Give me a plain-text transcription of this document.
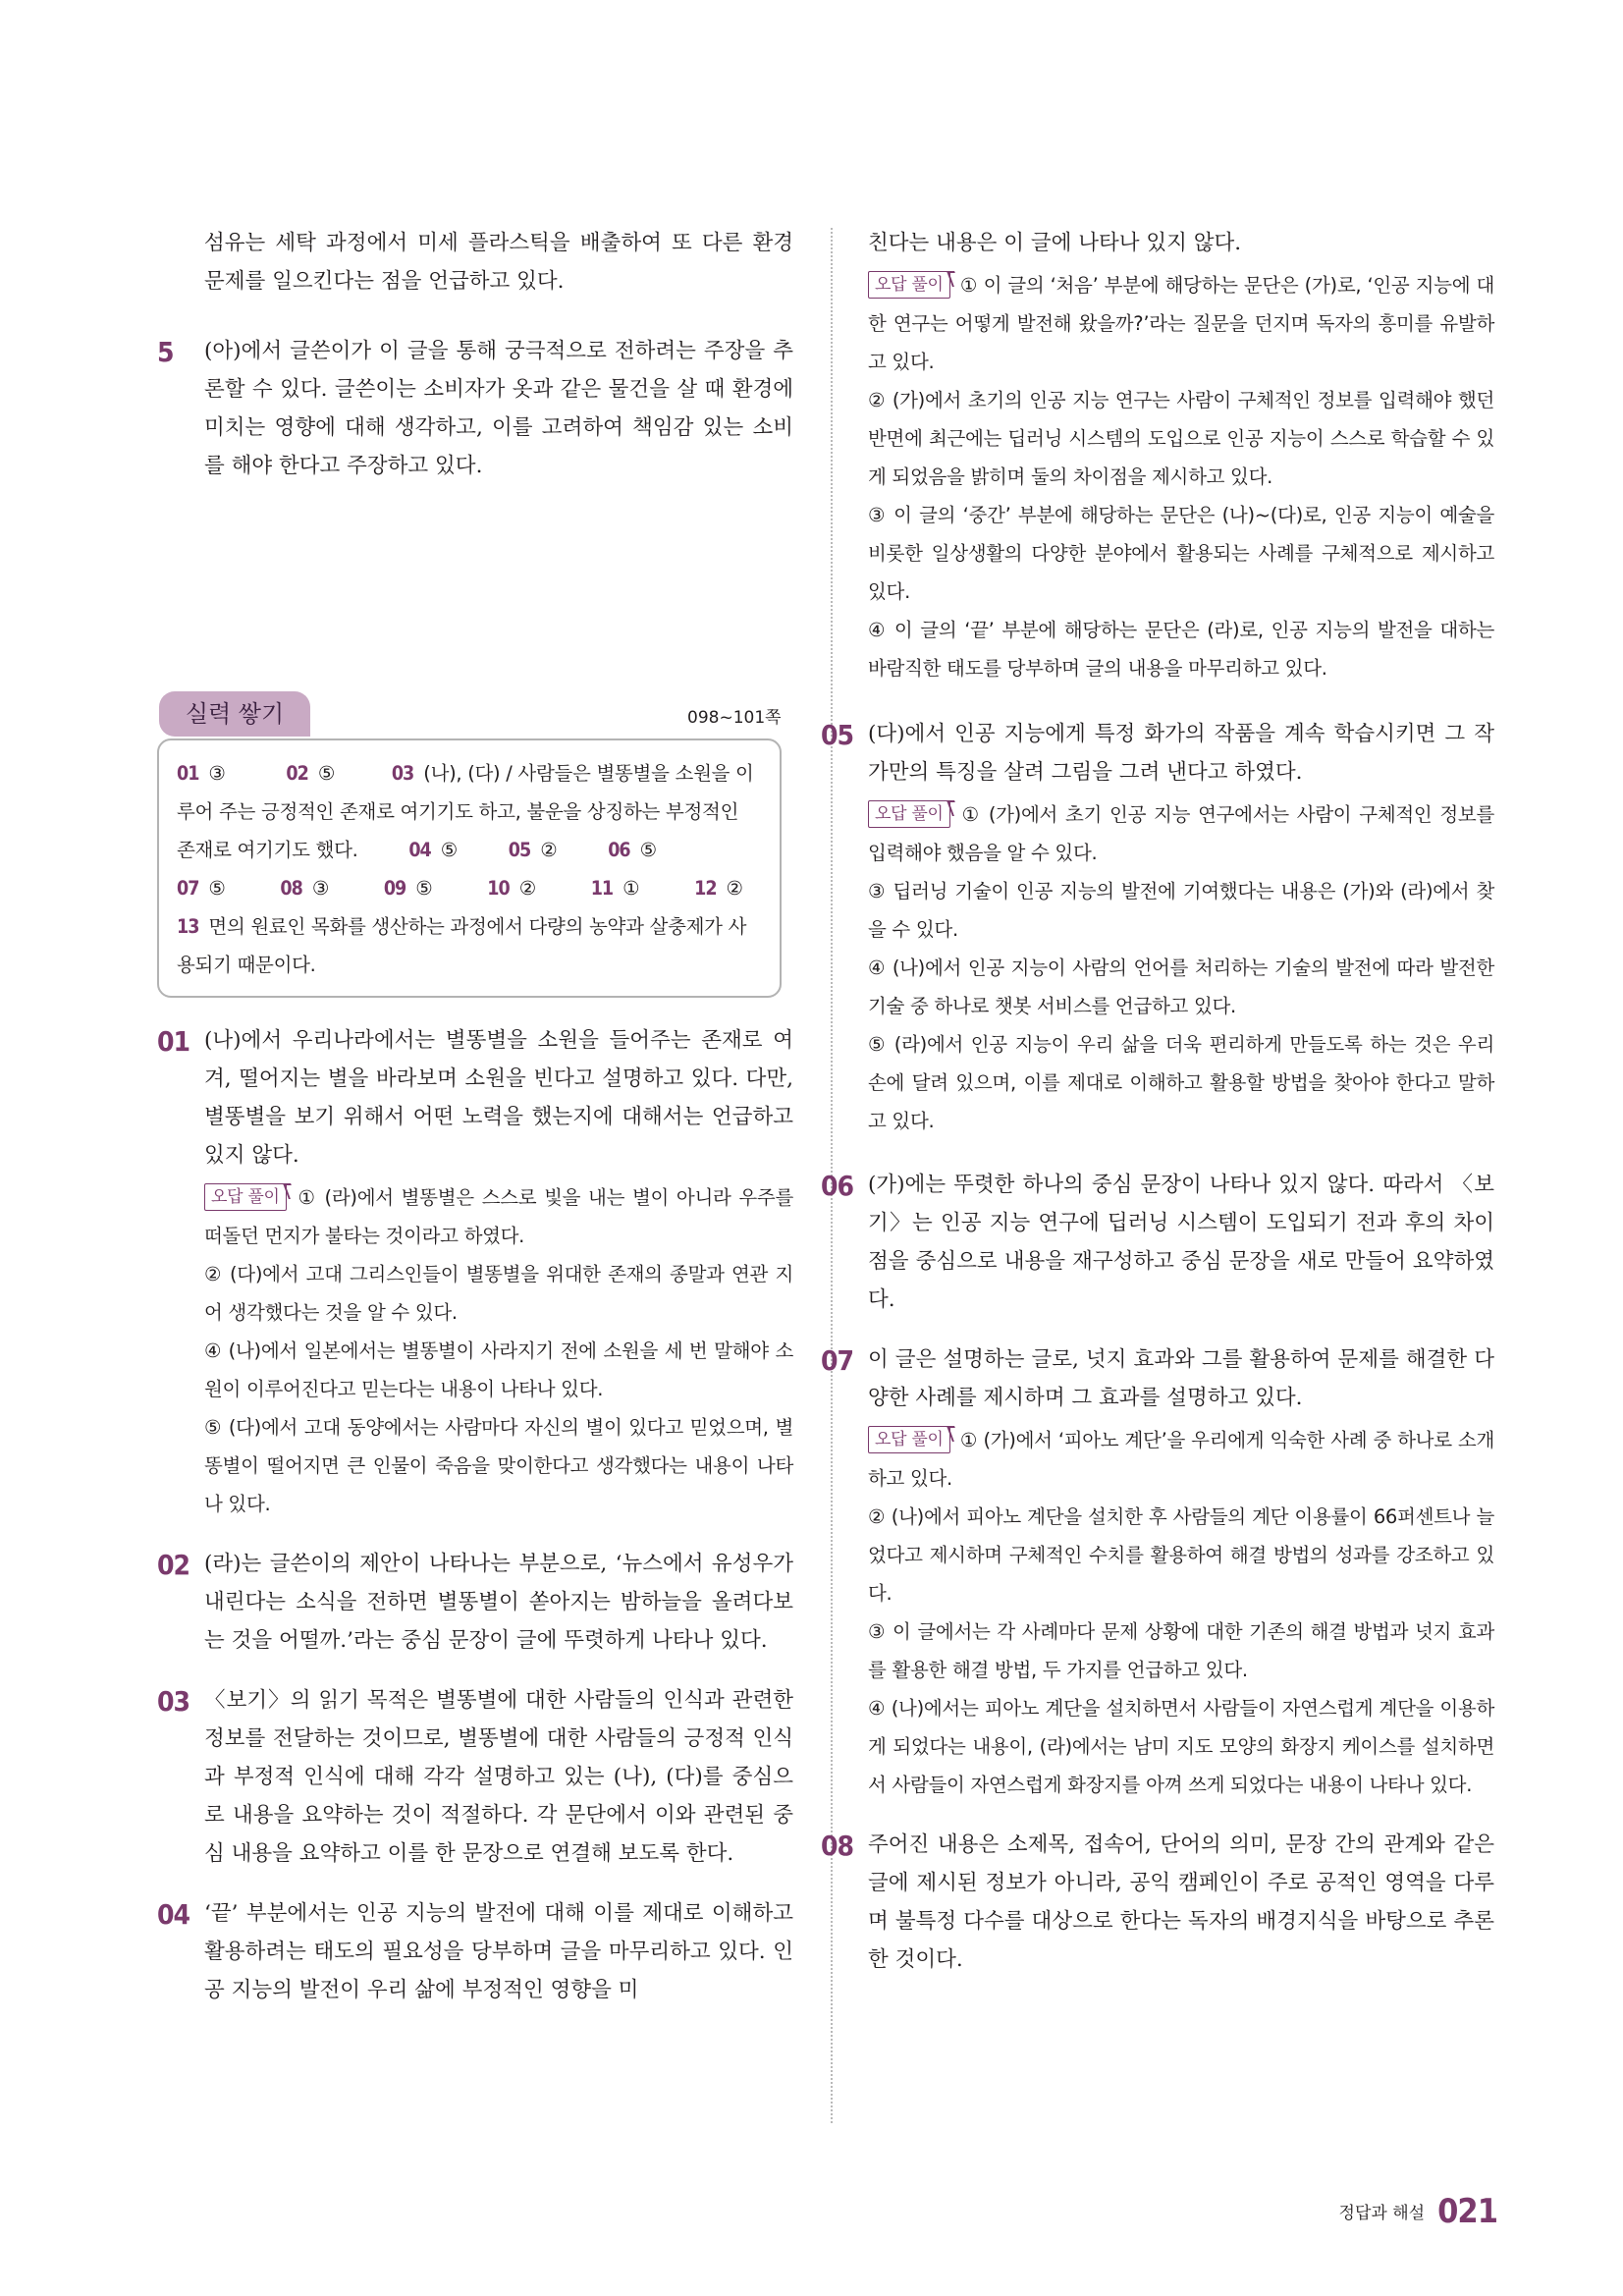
섬유는 세탁 과정에서 미세 플라스틱을 배출하여 또 다른 환경 문제를 일으킨다는 점을 언급하고 있다.

5 (아)에서 글쓴이가 이 글을 통해 궁극적으로 전하려는 주장을 추론할 수 있다. 글쓴이는 소비자가 옷과 같은 물건을 살 때 환경에 미치는 영향에 대해 생각하고, 이를 고려하여 책임감 있는 소비를 해야 한다고 주장하고 있다.

실력 쌓기	098~101쪽
01 ③	02 ⑤	03 (나), (다) / 사람들은 별똥별을 소원을 이루어 주는 긍정적인 존재로 여기기도 하고, 불운을 상징하는 부정적인 존재로 여기기도 했다.	04 ⑤	05 ②	06 ⑤
07 ⑤	08 ③	09 ⑤	10 ②	11 ①	12 ②
13 면의 원료인 목화를 생산하는 과정에서 다량의 농약과 살충제가 사용되기 때문이다.
01 (나)에서 우리나라에서는 별똥별을 소원을 들어주는 존재로 여겨, 떨어지는 별을 바라보며 소원을 빈다고 설명하고 있다. 다만, 별똥별을 보기 위해서 어떤 노력을 했는지에 대해서는 언급하고 있지 않다.

오답 풀이 ① (라)에서 별똥별은 스스로 빛을 내는 별이 아니라 우주를 떠돌던 먼지가 불타는 것이라고 하였다.

② (다)에서 고대 그리스인들이 별똥별을 위대한 존재의 종말과 연관 지어 생각했다는 것을 알 수 있다.

④ (나)에서 일본에서는 별똥별이 사라지기 전에 소원을 세 번 말해야 소원이 이루어진다고 믿는다는 내용이 나타나 있다.

⑤ (다)에서 고대 동양에서는 사람마다 자신의 별이 있다고 믿었으며, 별똥별이 떨어지면 큰 인물이 죽음을 맞이한다고 생각했다는 내용이 나타나 있다.

02 (라)는 글쓴이의 제안이 나타나는 부분으로, ‘뉴스에서 유성우가 내린다는 소식을 전하면 별똥별이 쏟아지는 밤하늘을 올려다보는 것을 어떨까.’라는 중심 문장이 글에 뚜렷하게 나타나 있다.

03 〈보기〉의 읽기 목적은 별똥별에 대한 사람들의 인식과 관련한 정보를 전달하는 것이므로, 별똥별에 대한 사람들의 긍정적 인식과 부정적 인식에 대해 각각 설명하고 있는 (나), (다)를 중심으로 내용을 요약하는 것이 적절하다. 각 문단에서 이와 관련된 중심 내용을 요약하고 이를 한 문장으로 연결해 보도록 한다.

04 ‘끝’ 부분에서는 인공 지능의 발전에 대해 이를 제대로 이해하고 활용하려는 태도의 필요성을 당부하며 글을 마무리하고 있다. 인공 지능의 발전이 우리 삶에 부정적인 영향을 미

친다는 내용은 이 글에 나타나 있지 않다.

오답 풀이 ① 이 글의 ‘처음’ 부분에 해당하는 문단은 (가)로, ‘인공 지능에 대한 연구는 어떻게 발전해 왔을까?’라는 질문을 던지며 독자의 흥미를 유발하고 있다.

② (가)에서 초기의 인공 지능 연구는 사람이 구체적인 정보를 입력해야 했던 반면에 최근에는 딥러닝 시스템의 도입으로 인공 지능이 스스로 학습할 수 있게 되었음을 밝히며 둘의 차이점을 제시하고 있다.

③ 이 글의 ‘중간’ 부분에 해당하는 문단은 (나)~(다)로, 인공 지능이 예술을 비롯한 일상생활의 다양한 분야에서 활용되는 사례를 구체적으로 제시하고 있다.

④ 이 글의 ‘끝’ 부분에 해당하는 문단은 (라)로, 인공 지능의 발전을 대하는 바람직한 태도를 당부하며 글의 내용을 마무리하고 있다.

05 (다)에서 인공 지능에게 특정 화가의 작품을 계속 학습시키면 그 작가만의 특징을 살려 그림을 그려 낸다고 하였다.

오답 풀이 ① (가)에서 초기 인공 지능 연구에서는 사람이 구체적인 정보를 입력해야 했음을 알 수 있다.

③ 딥러닝 기술이 인공 지능의 발전에 기여했다는 내용은 (가)와 (라)에서 찾을 수 있다.

④ (나)에서 인공 지능이 사람의 언어를 처리하는 기술의 발전에 따라 발전한 기술 중 하나로 챗봇 서비스를 언급하고 있다.

⑤ (라)에서 인공 지능이 우리 삶을 더욱 편리하게 만들도록 하는 것은 우리 손에 달려 있으며, 이를 제대로 이해하고 활용할 방법을 찾아야 한다고 말하고 있다.

06 (가)에는 뚜렷한 하나의 중심 문장이 나타나 있지 않다. 따라서 〈보기〉는 인공 지능 연구에 딥러닝 시스템이 도입되기 전과 후의 차이점을 중심으로 내용을 재구성하고 중심 문장을 새로 만들어 요약하였다.

07 이 글은 설명하는 글로, 넛지 효과와 그를 활용하여 문제를 해결한 다양한 사례를 제시하며 그 효과를 설명하고 있다.

오답 풀이 ① (가)에서 ‘피아노 계단’을 우리에게 익숙한 사례 중 하나로 소개하고 있다.

② (나)에서 피아노 계단을 설치한 후 사람들의 계단 이용률이 66퍼센트나 늘었다고 제시하며 구체적인 수치를 활용하여 해결 방법의 성과를 강조하고 있다.

③ 이 글에서는 각 사례마다 문제 상황에 대한 기존의 해결 방법과 넛지 효과를 활용한 해결 방법, 두 가지를 언급하고 있다.

④ (나)에서는 피아노 계단을 설치하면서 사람들이 자연스럽게 계단을 이용하게 되었다는 내용이, (라)에서는 남미 지도 모양의 화장지 케이스를 설치하면서 사람들이 자연스럽게 화장지를 아껴 쓰게 되었다는 내용이 나타나 있다.

08 주어진 내용은 소제목, 접속어, 단어의 의미, 문장 간의 관계와 같은 글에 제시된 정보가 아니라, 공익 캠페인이 주로 공적인 영역을 다루며 불특정 다수를 대상으로 한다는 독자의 배경지식을 바탕으로 추론한 것이다.

정답과 해설 021
